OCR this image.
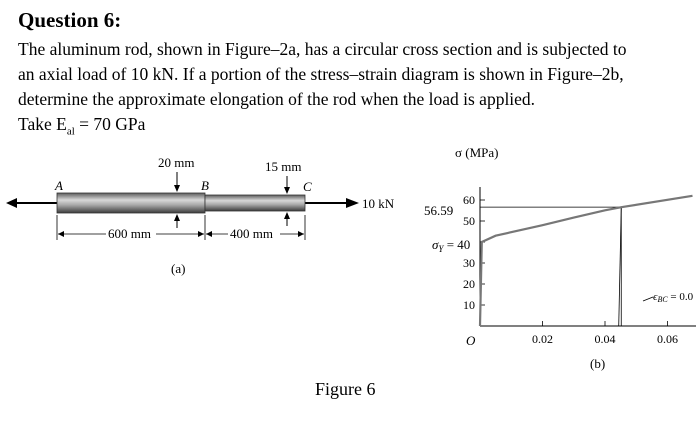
Question 6:
The aluminum rod, shown in Figure–2a, has a circular cross section and is subjected to
an axial load of 10 kN. If a portion of the stress–strain diagram is shown in Figure–2b,
determine the approximate elongation of the rod when the load is applied.
Take $E_{al} = 70$ GPa
A	B	C
20 mm	15 mm
600 mm	400 mm
10 kN
(a)
σ (MPa)
O
10
20
30
50
60
0.02	0.04	0.06
56.59
$\sigma_Y = 40$
ϵBC = 0.0
(b)
Figure 6
